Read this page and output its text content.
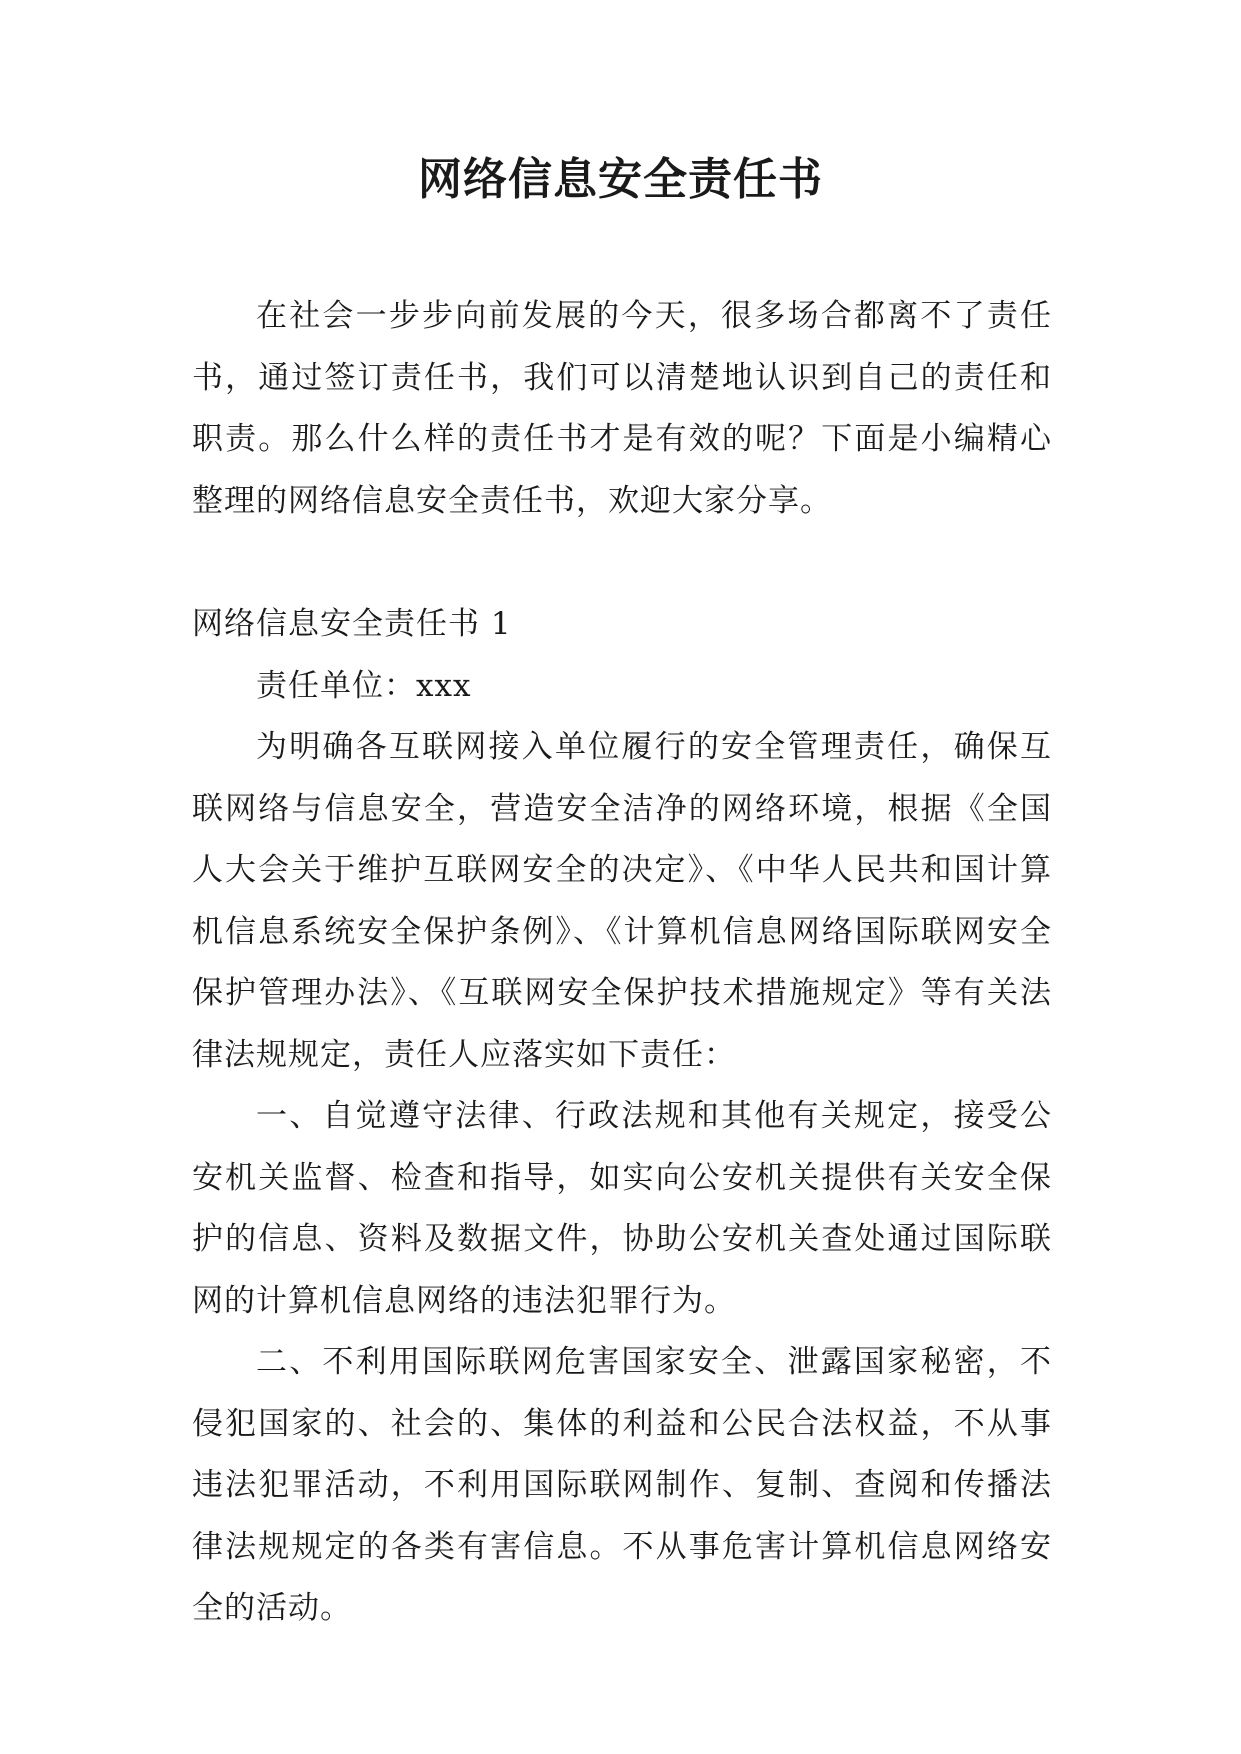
网络信息安全责任书

在社会一步步向前发展的今天，很多场合都离不了责任书，通过签订责任书，我们可以清楚地认识到自己的责任和职责。那么什么样的责任书才是有效的呢？下面是小编精心整理的网络信息安全责任书，欢迎大家分享。

网络信息安全责任书 1

责任单位：xxx

为明确各互联网接入单位履行的安全管理责任，确保互联网络与信息安全，营造安全洁净的网络环境，根据《全国人大会关于维护互联网安全的决定》、《中华人民共和国计算机信息系统安全保护条例》、《计算机信息网络国际联网安全保护管理办法》、《互联网安全保护技术措施规定》等有关法律法规规定，责任人应落实如下责任：

一、自觉遵守法律、行政法规和其他有关规定，接受公安机关监督、检查和指导，如实向公安机关提供有关安全保护的信息、资料及数据文件，协助公安机关查处通过国际联网的计算机信息网络的违法犯罪行为。

二、不利用国际联网危害国家安全、泄露国家秘密，不侵犯国家的、社会的、集体的利益和公民合法权益，不从事违法犯罪活动，不利用国际联网制作、复制、查阅和传播法律法规规定的各类有害信息。不从事危害计算机信息网络安全的活动。
